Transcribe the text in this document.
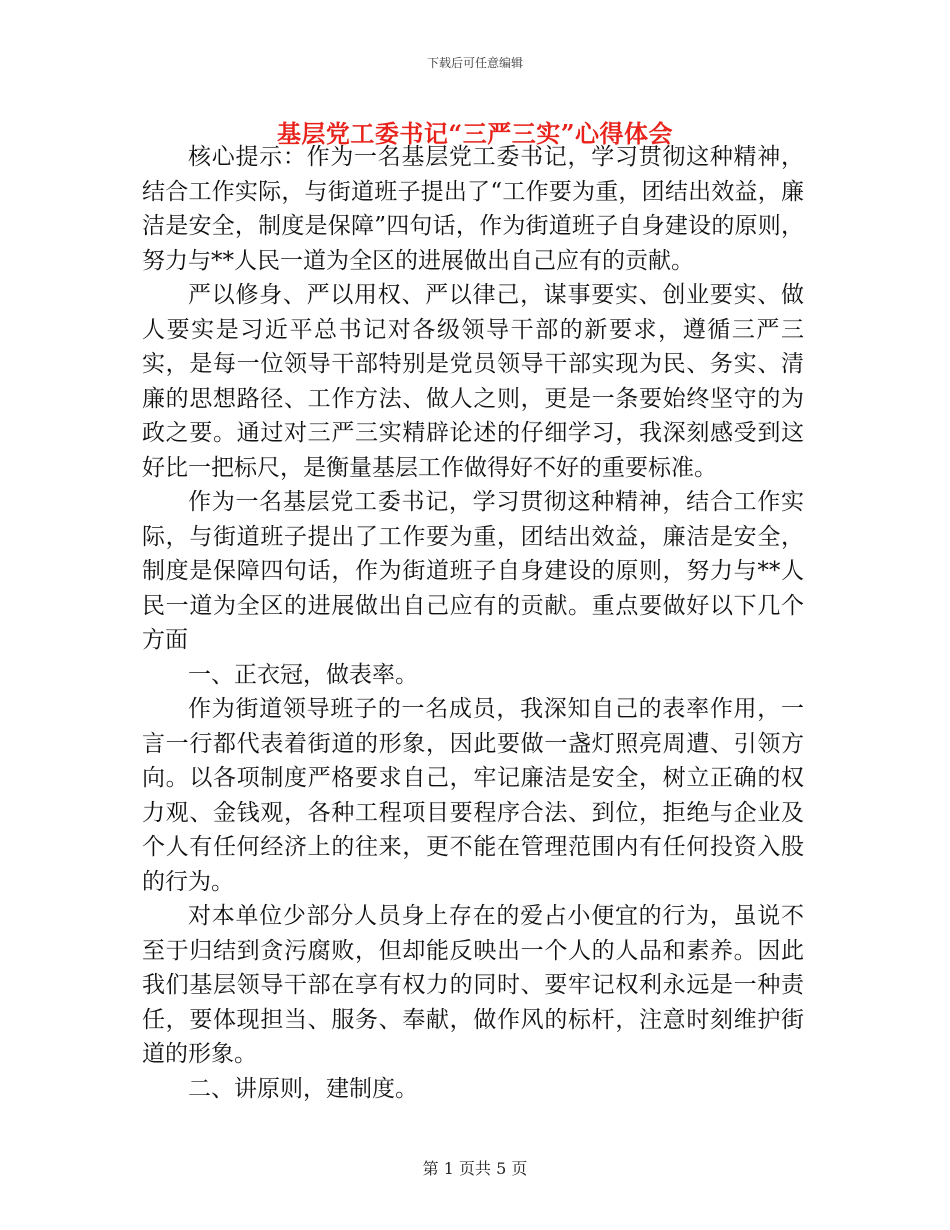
下载后可任意编辑
基层党工委书记“三严三实”心得体会

核心提示：作为一名基层党工委书记，学习贯彻这种精神，结合工作实际，与街道班子提出了“工作要为重，团结出效益，廉洁是安全，制度是保障”四句话，作为街道班子自身建设的原则，努力与**人民一道为全区的进展做出自己应有的贡献。

严以修身、严以用权、严以律己，谋事要实、创业要实、做人要实是习近平总书记对各级领导干部的新要求，遵循三严三实，是每一位领导干部特别是党员领导干部实现为民、务实、清廉的思想路径、工作方法、做人之则，更是一条要始终坚守的为政之要。通过对三严三实精辟论述的仔细学习，我深刻感受到这好比一把标尺，是衡量基层工作做得好不好的重要标准。

作为一名基层党工委书记，学习贯彻这种精神，结合工作实际，与街道班子提出了工作要为重，团结出效益，廉洁是安全，制度是保障四句话，作为街道班子自身建设的原则，努力与**人民一道为全区的进展做出自己应有的贡献。重点要做好以下几个方面

一、正衣冠，做表率。

作为街道领导班子的一名成员，我深知自己的表率作用，一言一行都代表着街道的形象，因此要做一盏灯照亮周遭、引领方向。以各项制度严格要求自己，牢记廉洁是安全，树立正确的权力观、金钱观，各种工程项目要程序合法、到位，拒绝与企业及个人有任何经济上的往来，更不能在管理范围内有任何投资入股的行为。

对本单位少部分人员身上存在的爱占小便宜的行为，虽说不至于归结到贪污腐败，但却能反映出一个人的人品和素养。因此我们基层领导干部在享有权力的同时、要牢记权利永远是一种责任，要体现担当、服务、奉献，做作风的标杆，注意时刻维护街道的形象。

二、讲原则，建制度。

第 1 页共 5 页
